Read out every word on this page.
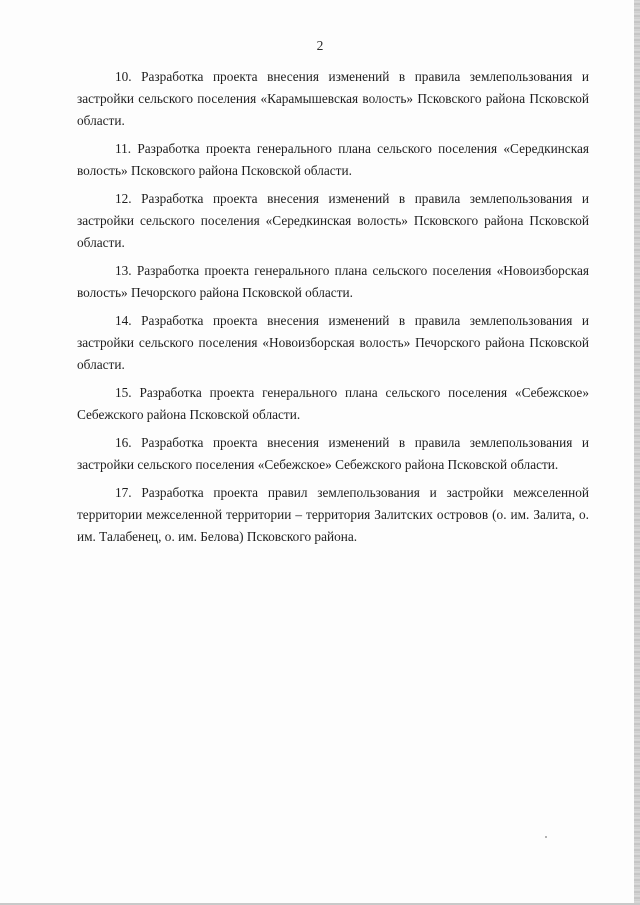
2

10. Разработка проекта внесения изменений в правила землепользования и застройки сельского поселения «Карамышевская волость» Псковского района Псковской области.

11. Разработка проекта генерального плана сельского поселения «Середкинская волость» Псковского района Псковской области.

12. Разработка проекта внесения изменений в правила землепользования и застройки сельского поселения «Середкинская волость» Псковского района Псковской области.

13. Разработка проекта генерального плана сельского поселения «Новоизборская волость» Печорского района Псковской области.

14. Разработка проекта внесения изменений в правила землепользования и застройки сельского поселения «Новоизборская волость» Печорского района Псковской области.

15. Разработка проекта генерального плана сельского поселения «Себежское» Себежского района Псковской области.

16. Разработка проекта внесения изменений в правила землепользования и застройки сельского поселения «Себежское» Себежского района Псковской области.

17. Разработка проекта правил землепользования и застройки межселенной территории межселенной территории – территория Залитских островов (о. им. Залита, о. им. Талабенец, о. им. Белова) Псковского района.
